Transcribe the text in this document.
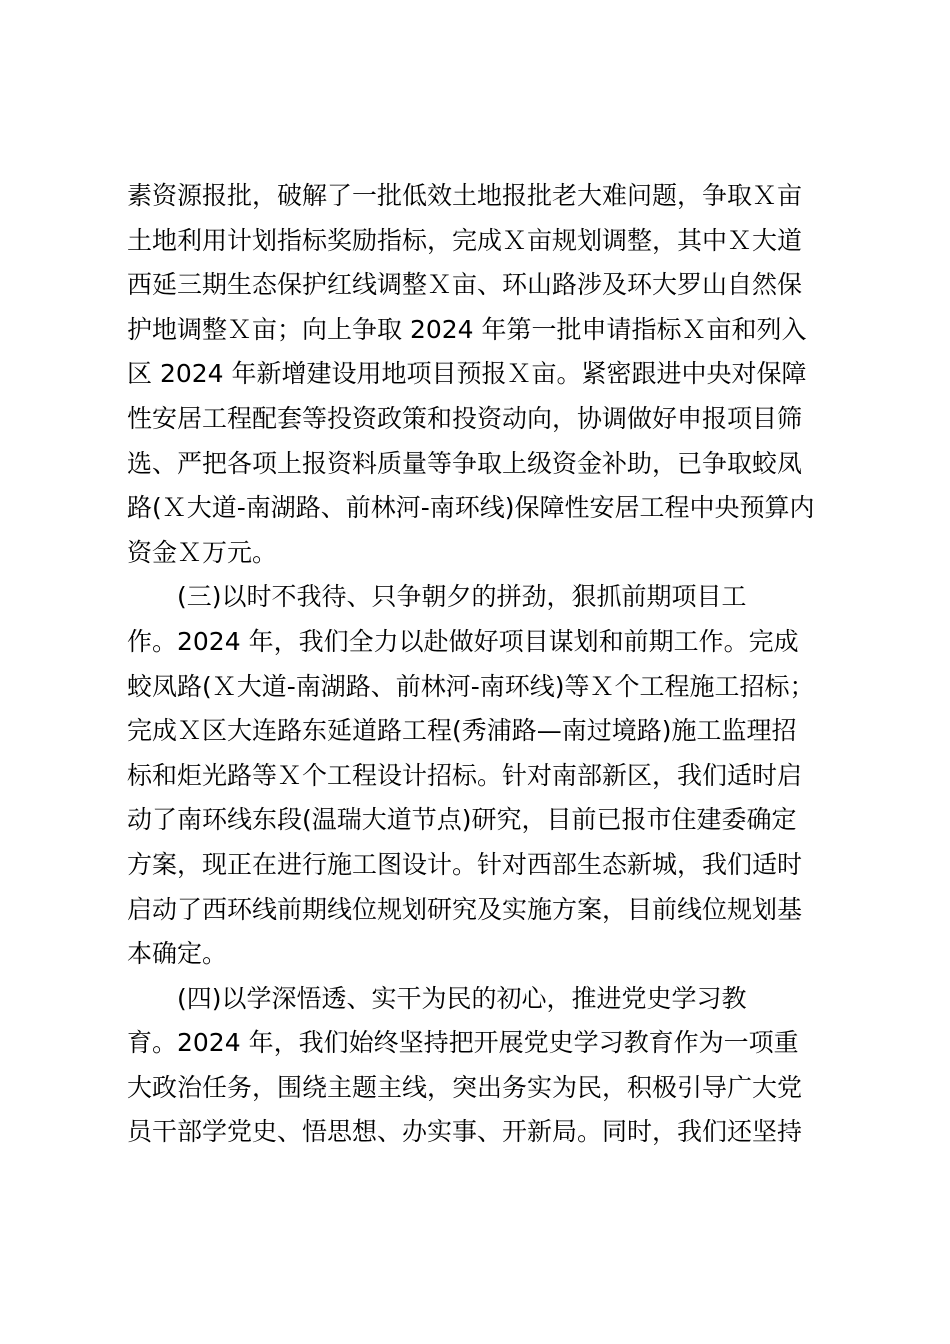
素资源报批，破解了一批低效土地报批老大难问题，争取Ｘ亩
土地利用计划指标奖励指标，完成Ｘ亩规划调整，其中Ｘ大道
西延三期生态保护红线调整Ｘ亩、环山路涉及环大罗山自然保
护地调整Ｘ亩；向上争取 2024 年第一批申请指标Ｘ亩和列入
区 2024 年新增建设用地项目预报Ｘ亩。紧密跟进中央对保障
性安居工程配套等投资政策和投资动向，协调做好申报项目筛
选、严把各项上报资料质量等争取上级资金补助，已争取蛟凤
路(Ｘ大道-南湖路、前林河-南环线)保障性安居工程中央预算内
资金Ｘ万元。
(三)以时不我待、只争朝夕的拼劲，狠抓前期项目工
作。2024 年，我们全力以赴做好项目谋划和前期工作。完成
蛟凤路(Ｘ大道-南湖路、前林河-南环线)等Ｘ个工程施工招标；
完成Ｘ区大连路东延道路工程(秀浦路—南过境路)施工监理招
标和炬光路等Ｘ个工程设计招标。针对南部新区，我们适时启
动了南环线东段(温瑞大道节点)研究，目前已报市住建委确定
方案，现正在进行施工图设计。针对西部生态新城，我们适时
启动了西环线前期线位规划研究及实施方案，目前线位规划基
本确定。
(四)以学深悟透、实干为民的初心，推进党史学习教
育。2024 年，我们始终坚持把开展党史学习教育作为一项重
大政治任务，围绕主题主线，突出务实为民，积极引导广大党
员干部学党史、悟思想、办实事、开新局。同时，我们还坚持
